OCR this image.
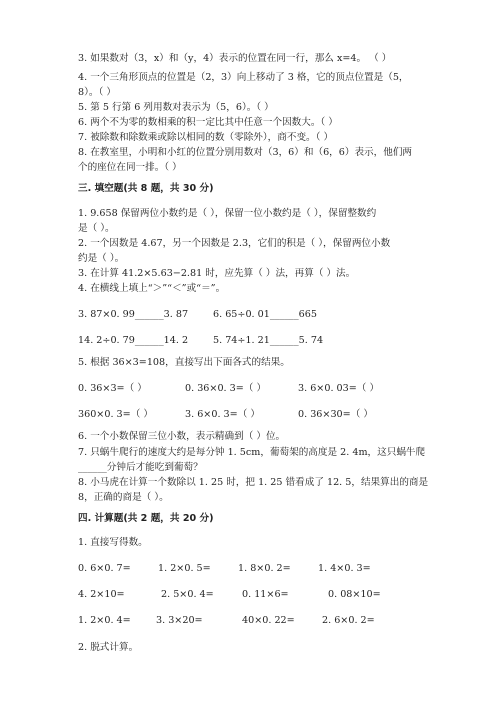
3. 如果数对（3，x）和（y，4）表示的位置在同一行，那么 x=4。 （ ）
4. 一个三角形顶点的位置是（2，3）向上移动了 3 格，它的顶点位置是（5，
8）。（ ）
5. 第 5 行第 6 列用数对表示为（5，6）。（ ）
6. 两个不为零的数相乘的积一定比其中任意一个因数大。（ ）
7. 被除数和除数乘或除以相同的数（零除外），商不变。（ ）
8. 在教室里，小明和小红的位置分别用数对（3，6）和（6，6）表示，他们两
个的座位在同一排。（ ）
三. 填空题(共 8 题，共 30 分)
1. 9.658 保留两位小数约是（ ），保留一位小数约是（ ），保留整数约
是（ ）。
2. 一个因数是 4.67，另一个因数是 2.3，它们的积是（ ），保留两位小数
约是（ ）。
3. 在计算 41.2×5.63−2.81 时，应先算（ ）法，再算（ ）法。
4. 在横线上填上“＞”“＜”或“＝”。
3. 87×0. 99______3. 87	6. 65÷0. 01______665
14. 2÷0. 79______14. 2	5. 74÷1. 21______5. 74
5. 根据 36×3=108，直接写出下面各式的结果。
0. 36×3=（ ）	0. 36×0. 3=（ ）	3. 6×0. 03=（ ）
360×0. 3=（ ）	3. 6×0. 3=（ ）	0. 36×30=（ ）
6. 一个小数保留三位小数，表示精确到（ ）位。
7. 只蜗牛爬行的速度大约是每分钟 1. 5cm，葡萄架的高度是 2. 4m，这只蜗牛爬
______分钟后才能吃到葡萄？
8. 小马虎在计算一个数除以 1. 25 时，把 1. 25 错看成了 12. 5，结果算出的商是
8，正确的商是（ ）。
四. 计算题(共 2 题，共 20 分)
1. 直接写得数。
0. 6×0. 7=	1. 2×0. 5=	1. 8×0. 2=	1. 4×0. 3=
4. 2×10=	2. 5×0. 4=	0. 11×6=	0. 08×10=
1. 2×0. 4=	3. 3×20=	40×0. 22=	2. 6×0. 2=
2. 脱式计算。
